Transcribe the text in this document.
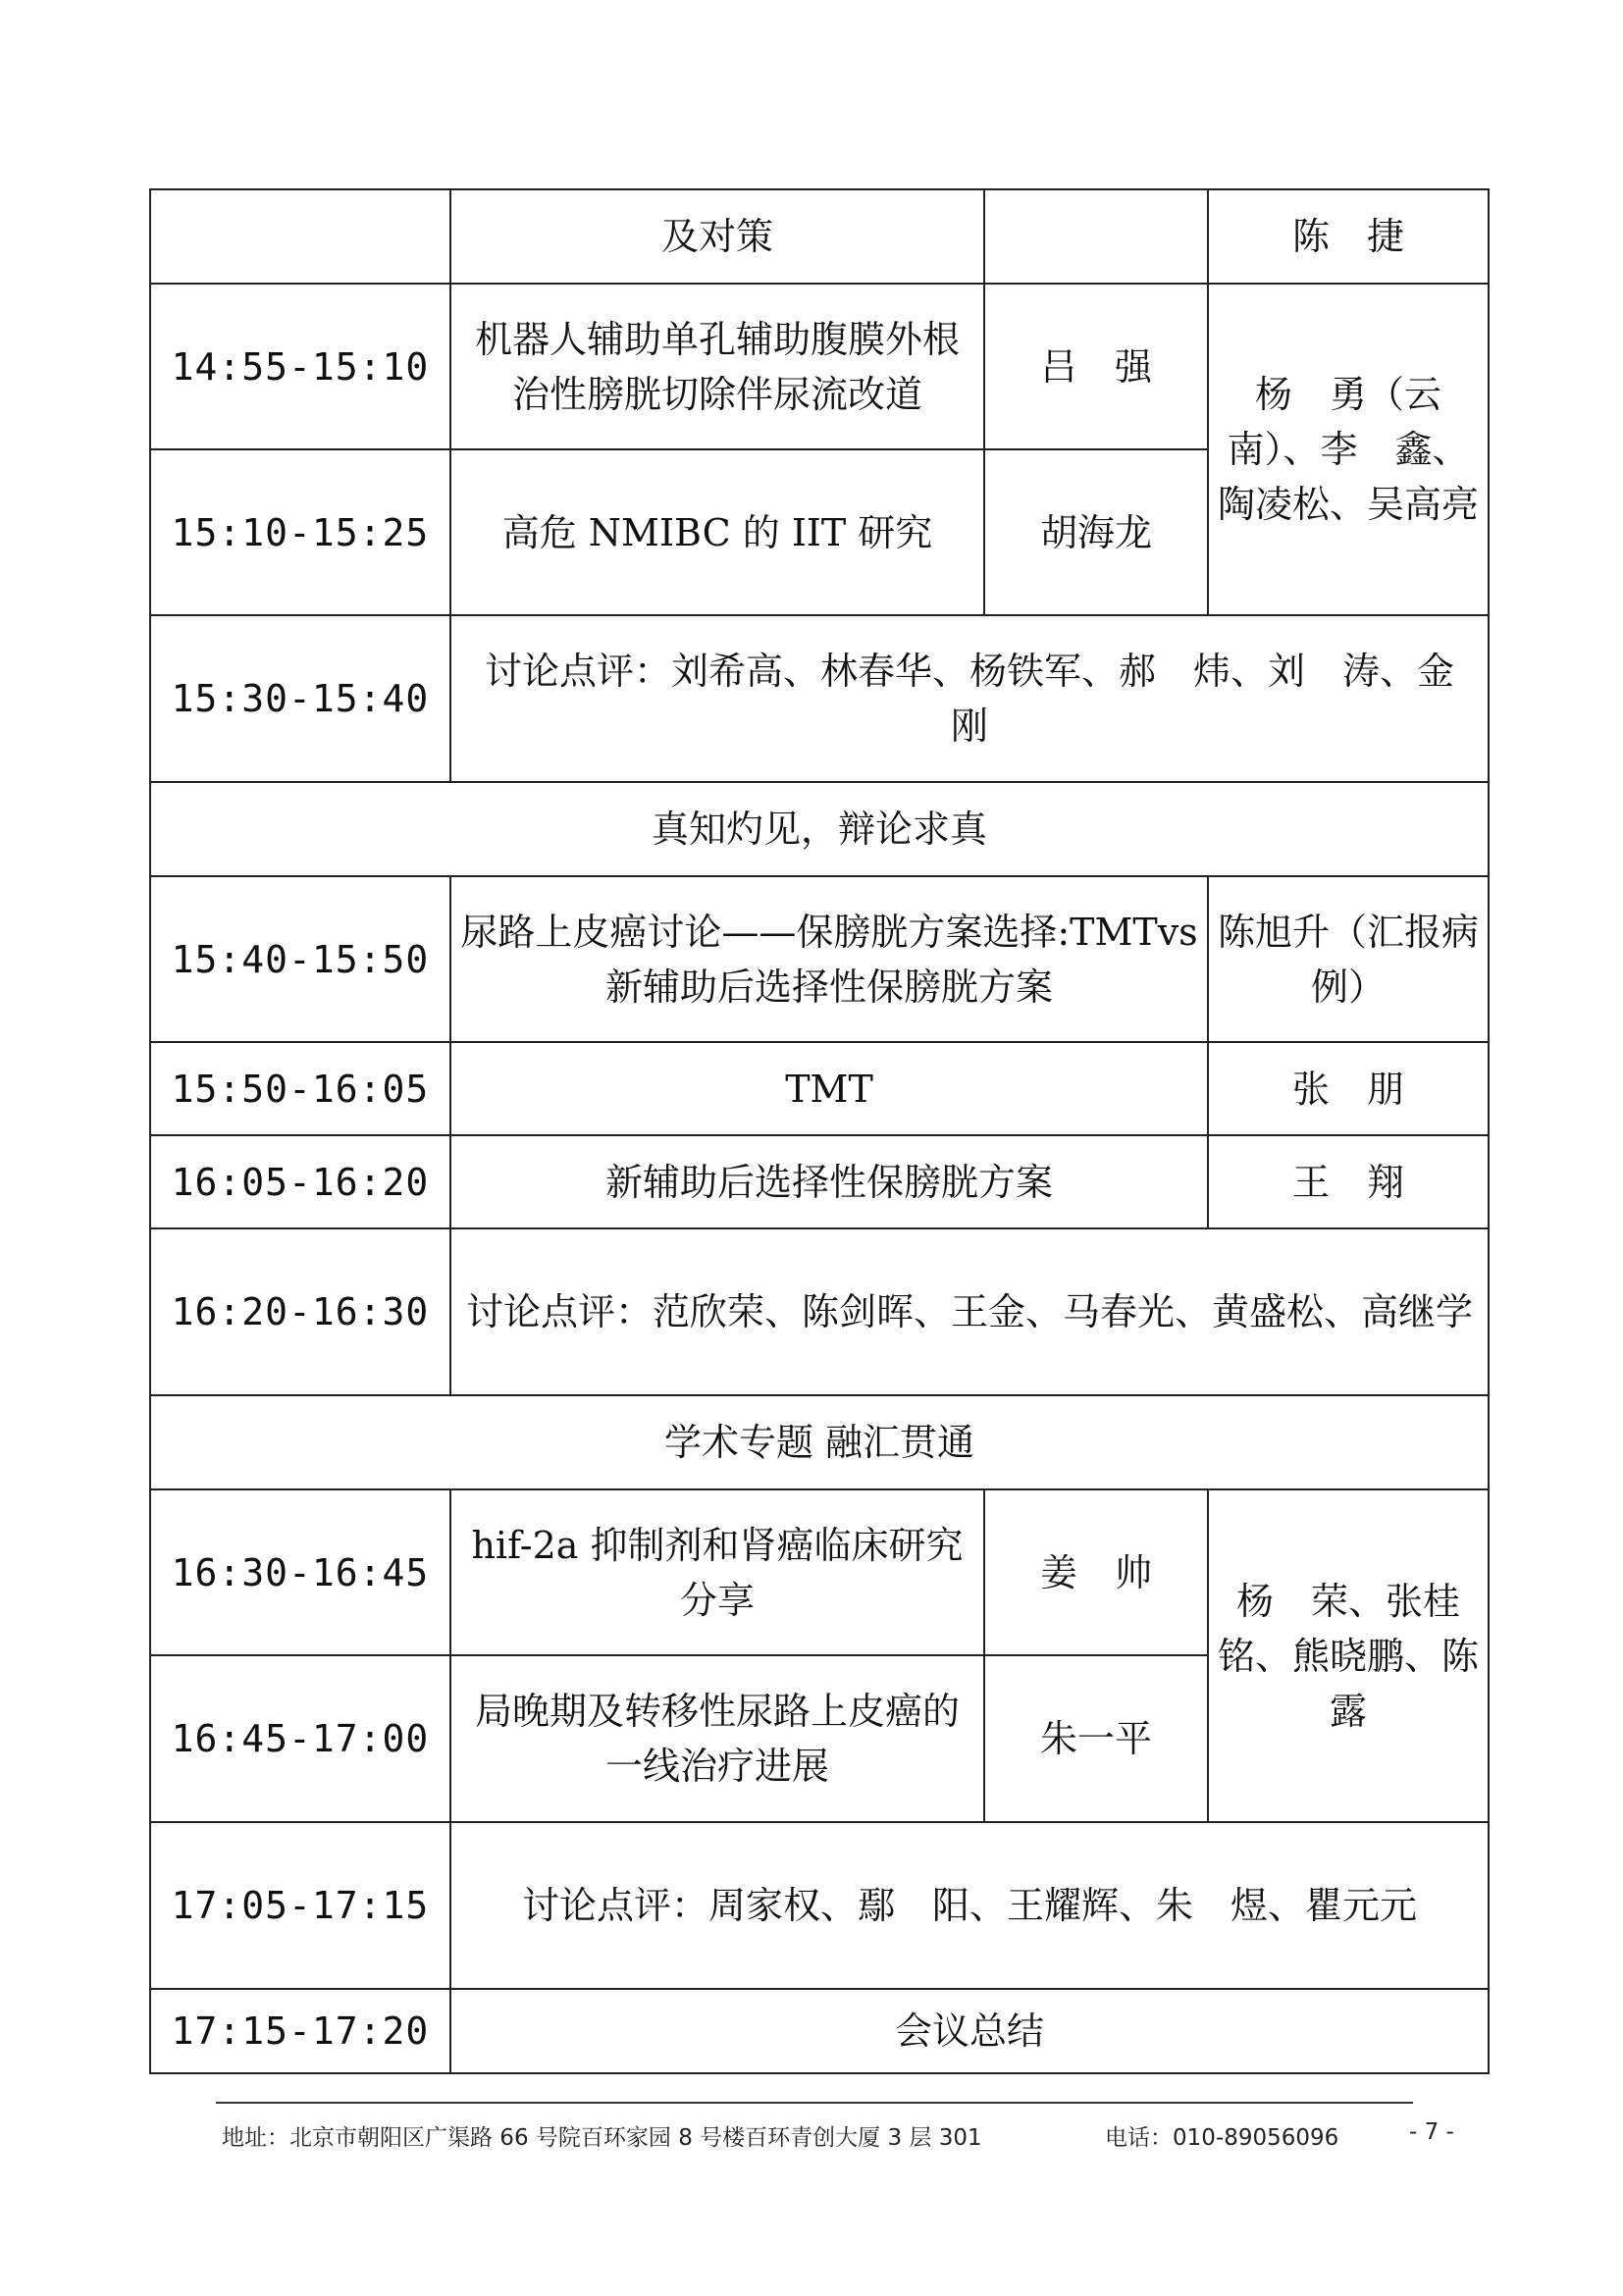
	及对策		陈　捷
14:55-15:10	机器人辅助单孔辅助腹膜外根治性膀胱切除伴尿流改道	吕　强	杨　勇（云南）、李　鑫、陶凌松、吴高亮
15:10-15:25	高危 NMIBC 的 IIT 研究	胡海龙	
15:30-15:40	讨论点评：刘希高、林春华、杨铁军、郝　炜、刘　涛、金　刚		
真知灼见，辩论求真			
15:40-15:50	尿路上皮癌讨论——保膀胱方案选择:TMTvs 新辅助后选择性保膀胱方案		陈旭升（汇报病例）
15:50-16:05	TMT		张　朋
16:05-16:20	新辅助后选择性保膀胱方案		王　翔
16:20-16:30	讨论点评：范欣荣、陈剑晖、王金、马春光、黄盛松、高继学		
学术专题 融汇贯通			
16:30-16:45	hif-2a 抑制剂和肾癌临床研究分享	姜　帅	杨　荣、张桂铭、熊晓鹏、陈　露
16:45-17:00	局晚期及转移性尿路上皮癌的一线治疗进展	朱一平	
17:05-17:15	讨论点评：周家权、鄢　阳、王耀辉、朱　煜、瞿元元		
17:15-17:20	会议总结		
地址：北京市朝阳区广渠路 66 号院百环家园 8 号楼百环青创大厦 3 层 301	电话：010-89056096	- 7 -
